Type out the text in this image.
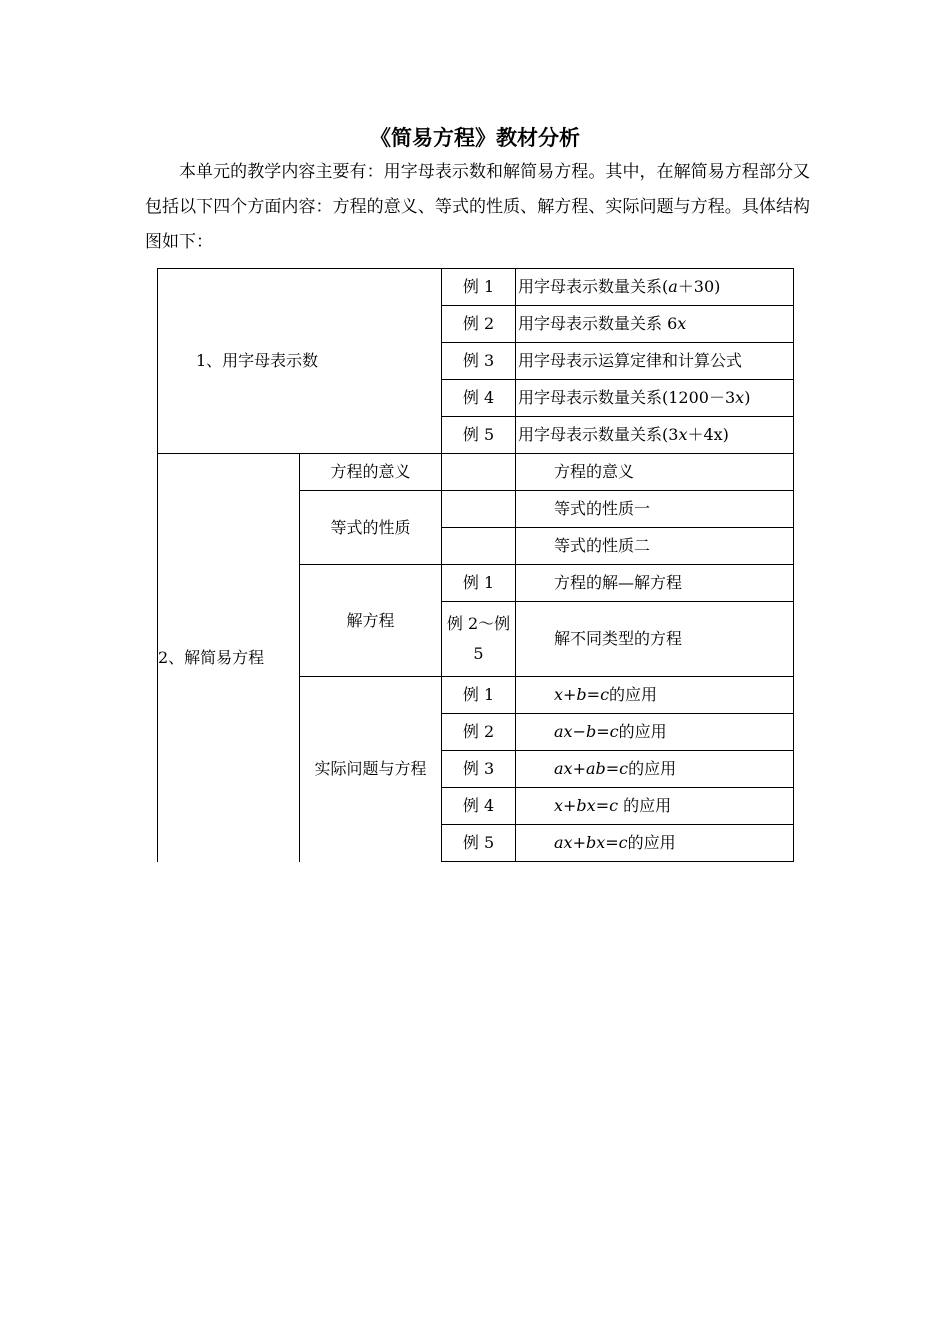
《简易方程》教材分析

本单元的教学内容主要有：用字母表示数和解简易方程。其中，在解简易方程部分又包括以下四个方面内容：方程的意义、等式的性质、解方程、实际问题与方程。具体结构图如下：

1、用字母表示数		例 1	用字母表示数量关系(a＋30)
		例 2	用字母表示数量关系 6x
		例 3	用字母表示运算定律和计算公式
		例 4	用字母表示数量关系(1200－3x)
		例 5	用字母表示数量关系(3x＋4x)
2、解简易方程	方程的意义		方程的意义
	等式的性质		等式的性质一
			等式的性质二
	解方程	例 1	方程的解—解方程
		例 2～例 5	解不同类型的方程
	实际问题与方程	例 1	x+b=c的应用
		例 2	ax−b=c的应用
		例 3	ax+ab=c的应用
		例 4	x+bx=c 的应用
		例 5	ax+bx=c的应用
